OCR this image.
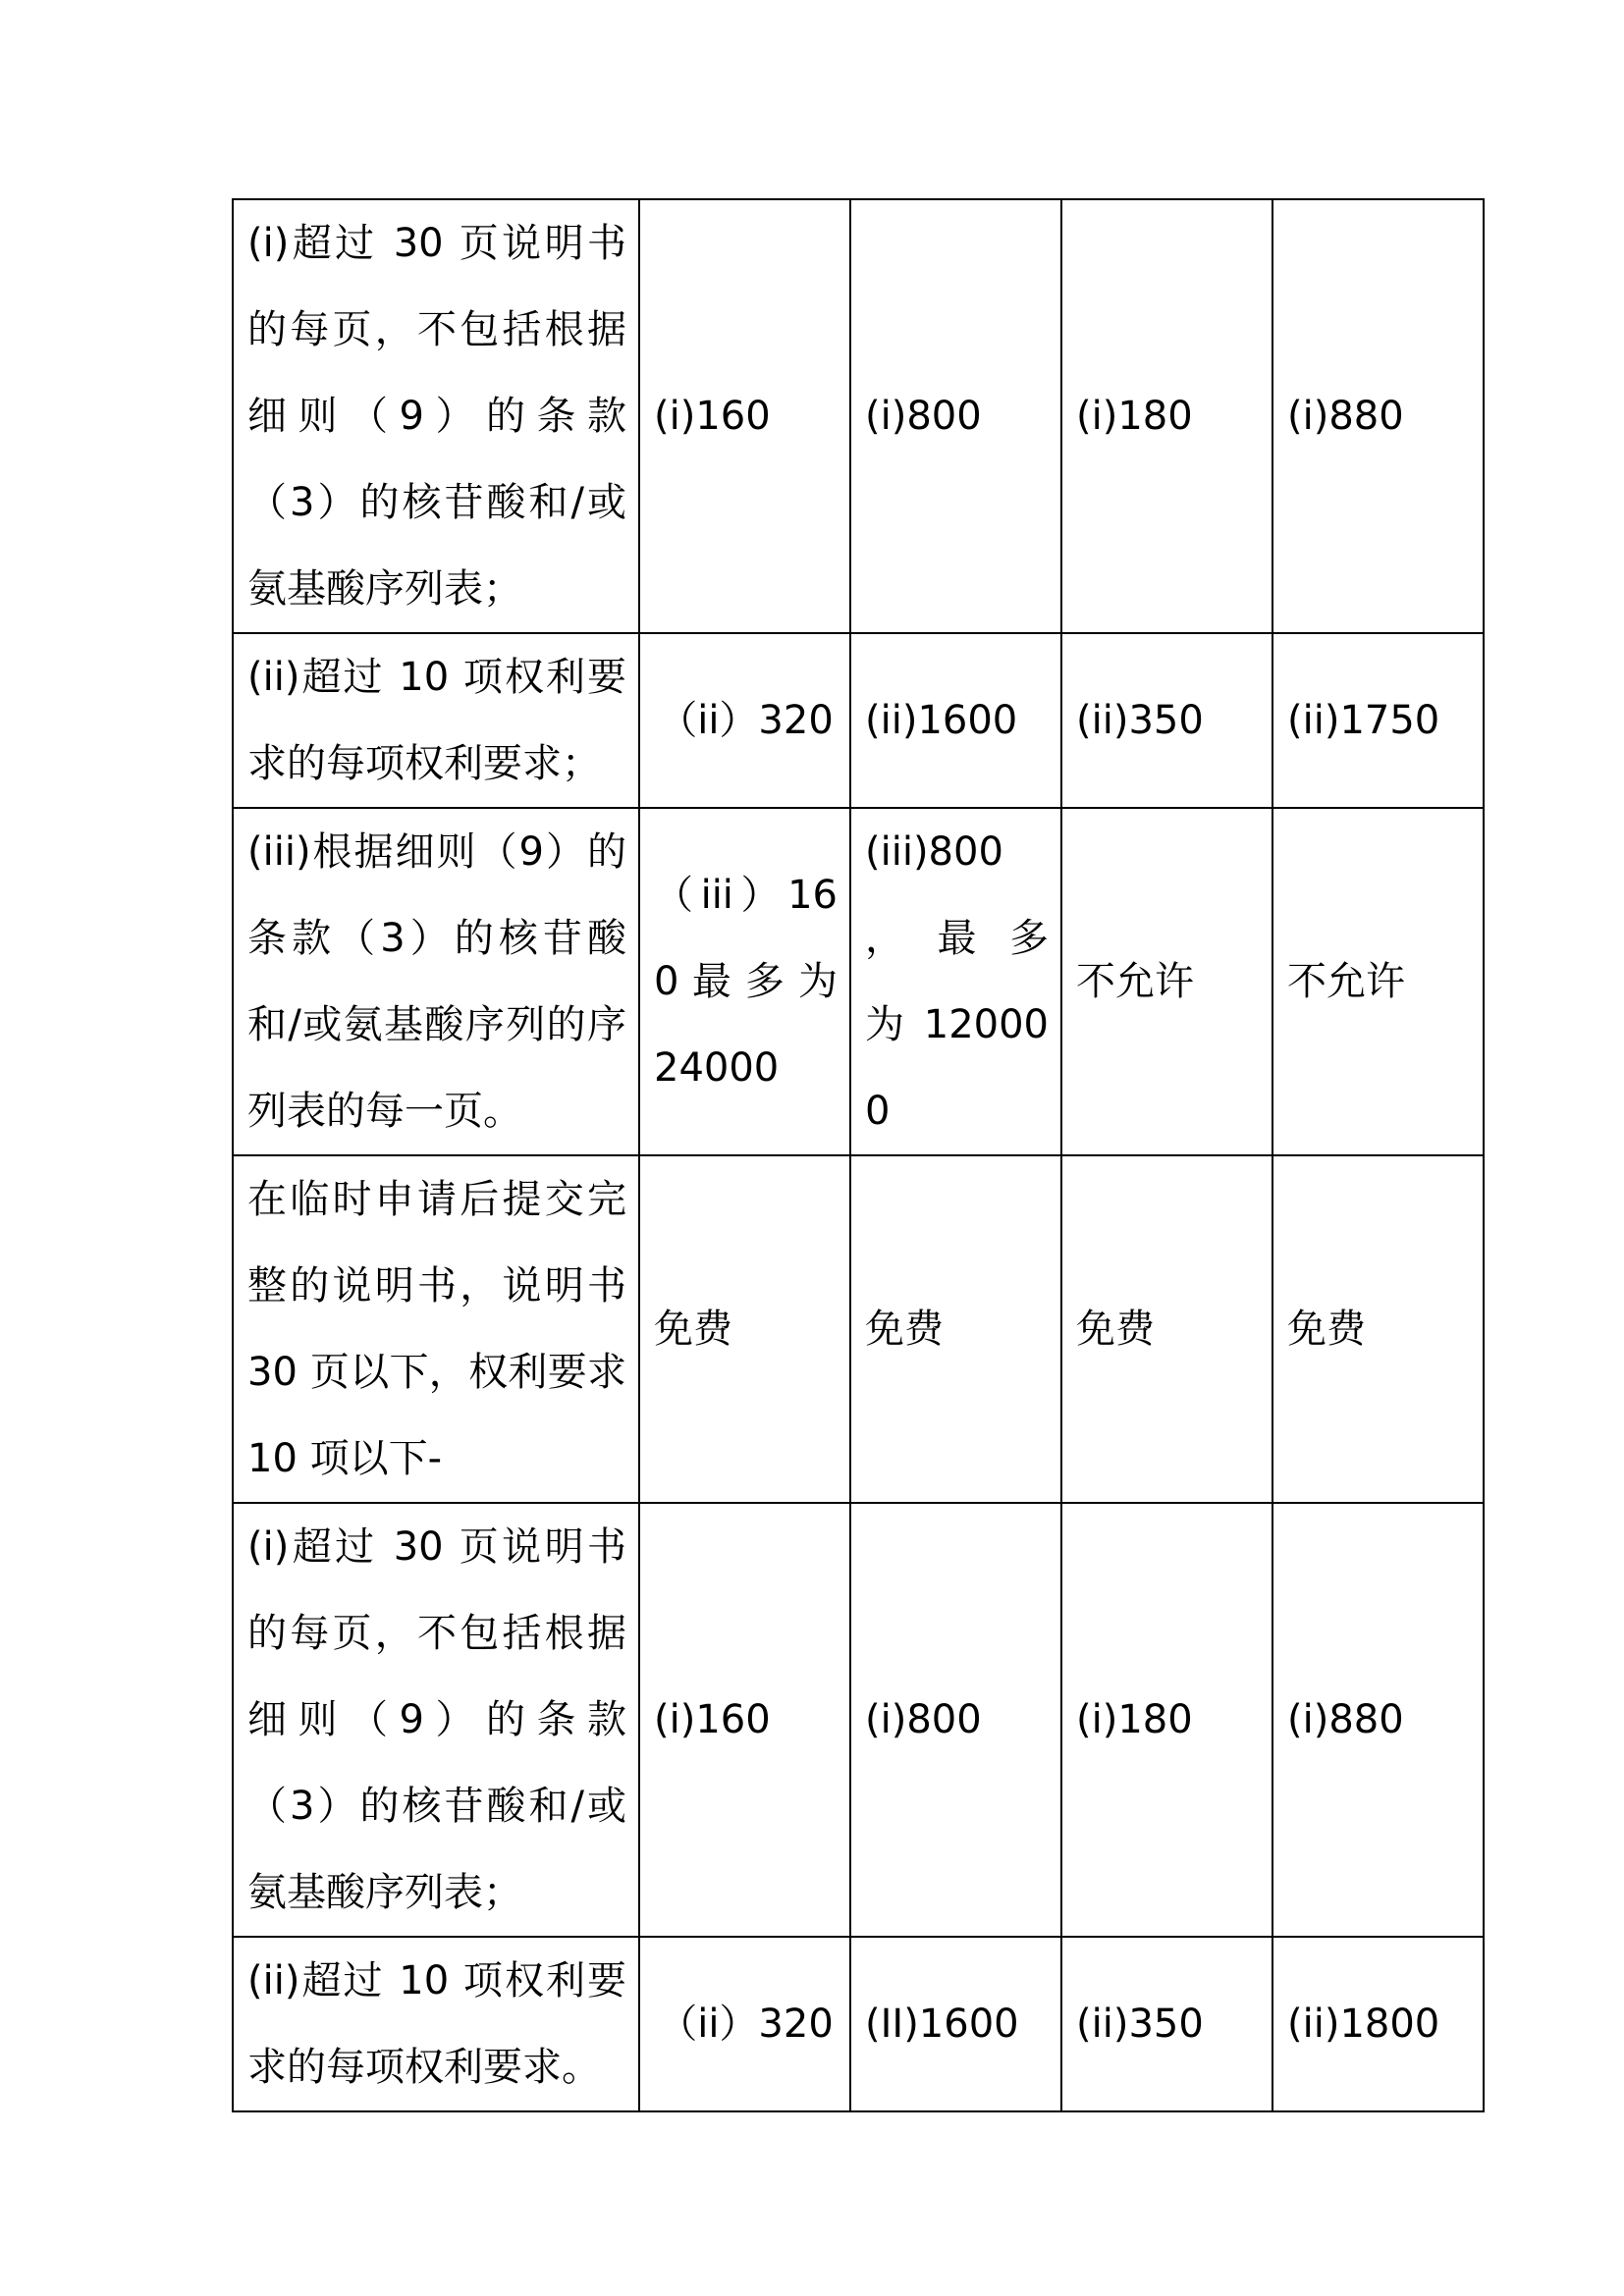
(i)超过 30 页说明书的每页，不包括根据细则（9）的条款（3）的核苷酸和/或氨基酸序列表；	(i)160	(i)800	(i)180	(i)880
(ii)超过 10 项权利要求的每项权利要求；	（ii）320	(ii)1600	(ii)350	(ii)1750
(iii)根据细则（9）的条款（3）的核苷酸和/或氨基酸序列的序列表的每一页。	（iii）160 最 多 为 24000	(iii)800 ， 最 多 为 120000	不允许	不允许
在临时申请后提交完整的说明书，说明书 30 页以下，权利要求 10 项以下-	免费	免费	免费	免费
(i)超过 30 页说明书的每页，不包括根据细则（9）的条款（3）的核苷酸和/或氨基酸序列表；	(i)160	(i)800	(i)180	(i)880
(ii)超过 10 项权利要求的每项权利要求。	（ii）320	(II)1600	(ii)350	(ii)1800
